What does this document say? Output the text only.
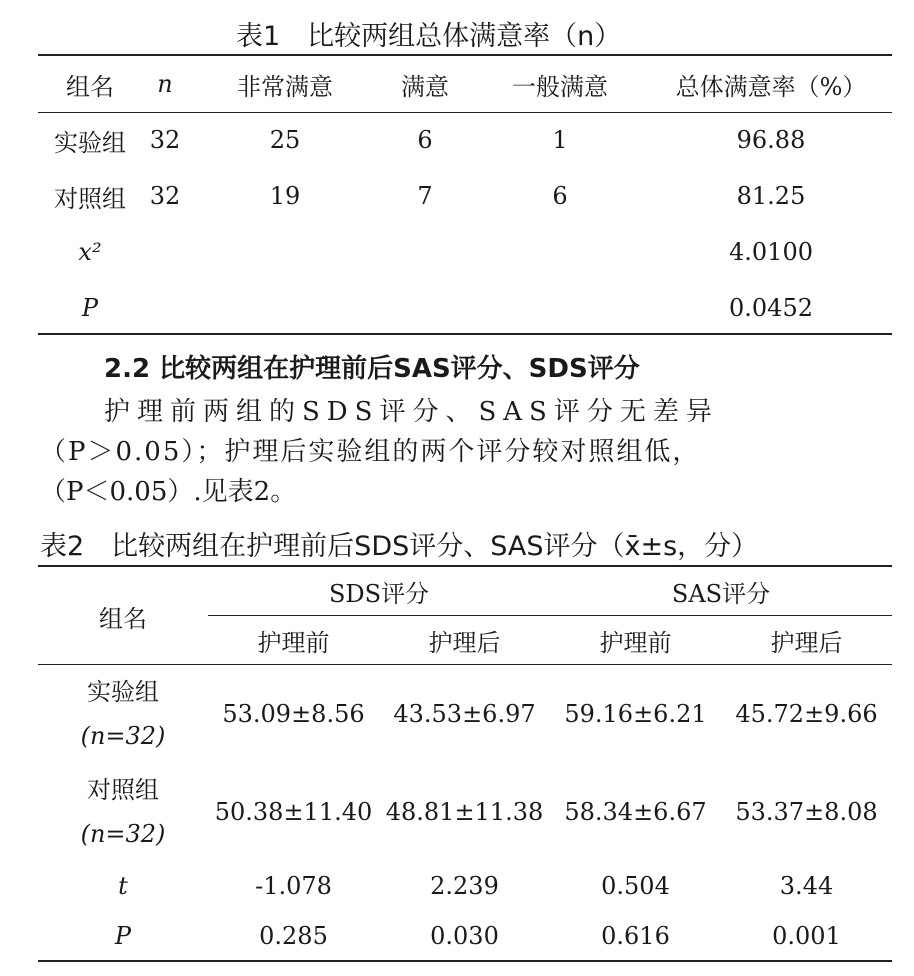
表1　比较两组总体满意率（n）
组名	n	非常满意	满意	一般满意	总体满意率（%）
实验组	32	25	6	1	96.88
对照组	32	19	7	6	81.25
x²					4.0100
P					0.0452
2.2 比较两组在护理前后SAS评分、SDS评分
护理前两组的SDS评分、SAS评分无差异
（P＞0.05）；护理后实验组的两个评分较对照组低，
（P＜0.05）.见表2。
表2　比较两组在护理前后SDS评分、SAS评分（x̄±s，分）
组名	SDS评分		SAS评分	
	护理前	护理后	护理前	护理后
实验组
(n=32)	53.09±8.56	43.53±6.97	59.16±6.21	45.72±9.66
对照组
(n=32)	50.38±11.40	48.81±11.38	58.34±6.67	53.37±8.08
t	-1.078	2.239	0.504	3.44
P	0.285	0.030	0.616	0.001
